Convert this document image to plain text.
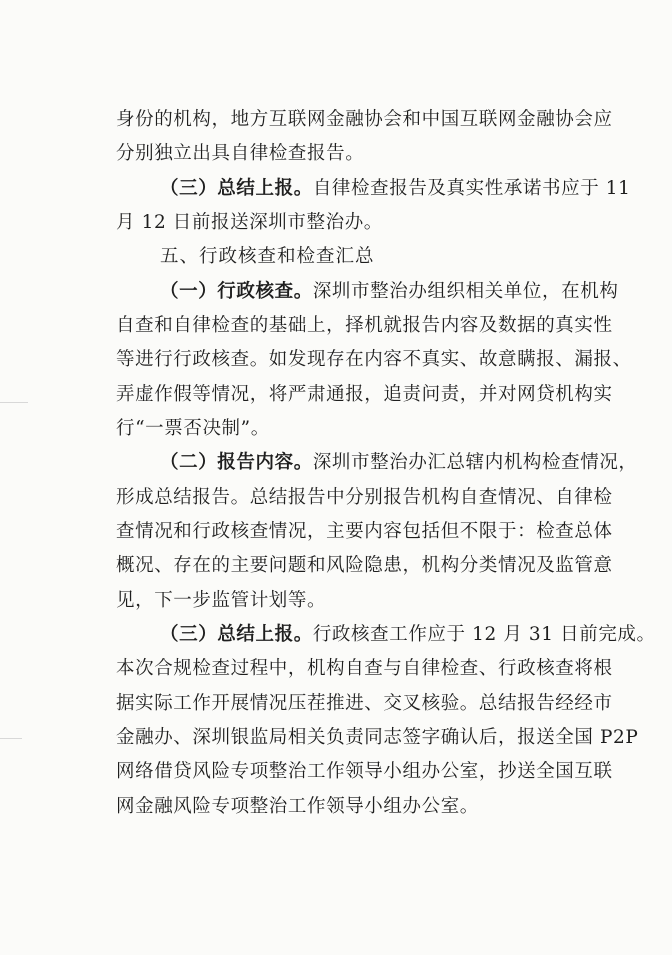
身份的机构，地方互联网金融协会和中国互联网金融协会应
分别独立出具自律检查报告。
（三）总结上报。自律检查报告及真实性承诺书应于 11
月 12 日前报送深圳市整治办。
五、行政核查和检查汇总
（一）行政核查。深圳市整治办组织相关单位，在机构
自查和自律检查的基础上，择机就报告内容及数据的真实性
等进行行政核查。如发现存在内容不真实、故意瞒报、漏报、
弄虚作假等情况，将严肃通报，追责问责，并对网贷机构实
行“一票否决制”。
（二）报告内容。深圳市整治办汇总辖内机构检查情况，
形成总结报告。总结报告中分别报告机构自查情况、自律检
查情况和行政核查情况，主要内容包括但不限于：检查总体
概况、存在的主要问题和风险隐患，机构分类情况及监管意
见，下一步监管计划等。
（三）总结上报。行政核查工作应于 12 月 31 日前完成。
本次合规检查过程中，机构自查与自律检查、行政核查将根
据实际工作开展情况压茬推进、交叉核验。总结报告经经市
金融办、深圳银监局相关负责同志签字确认后，报送全国 P2P
网络借贷风险专项整治工作领导小组办公室，抄送全国互联
网金融风险专项整治工作领导小组办公室。
